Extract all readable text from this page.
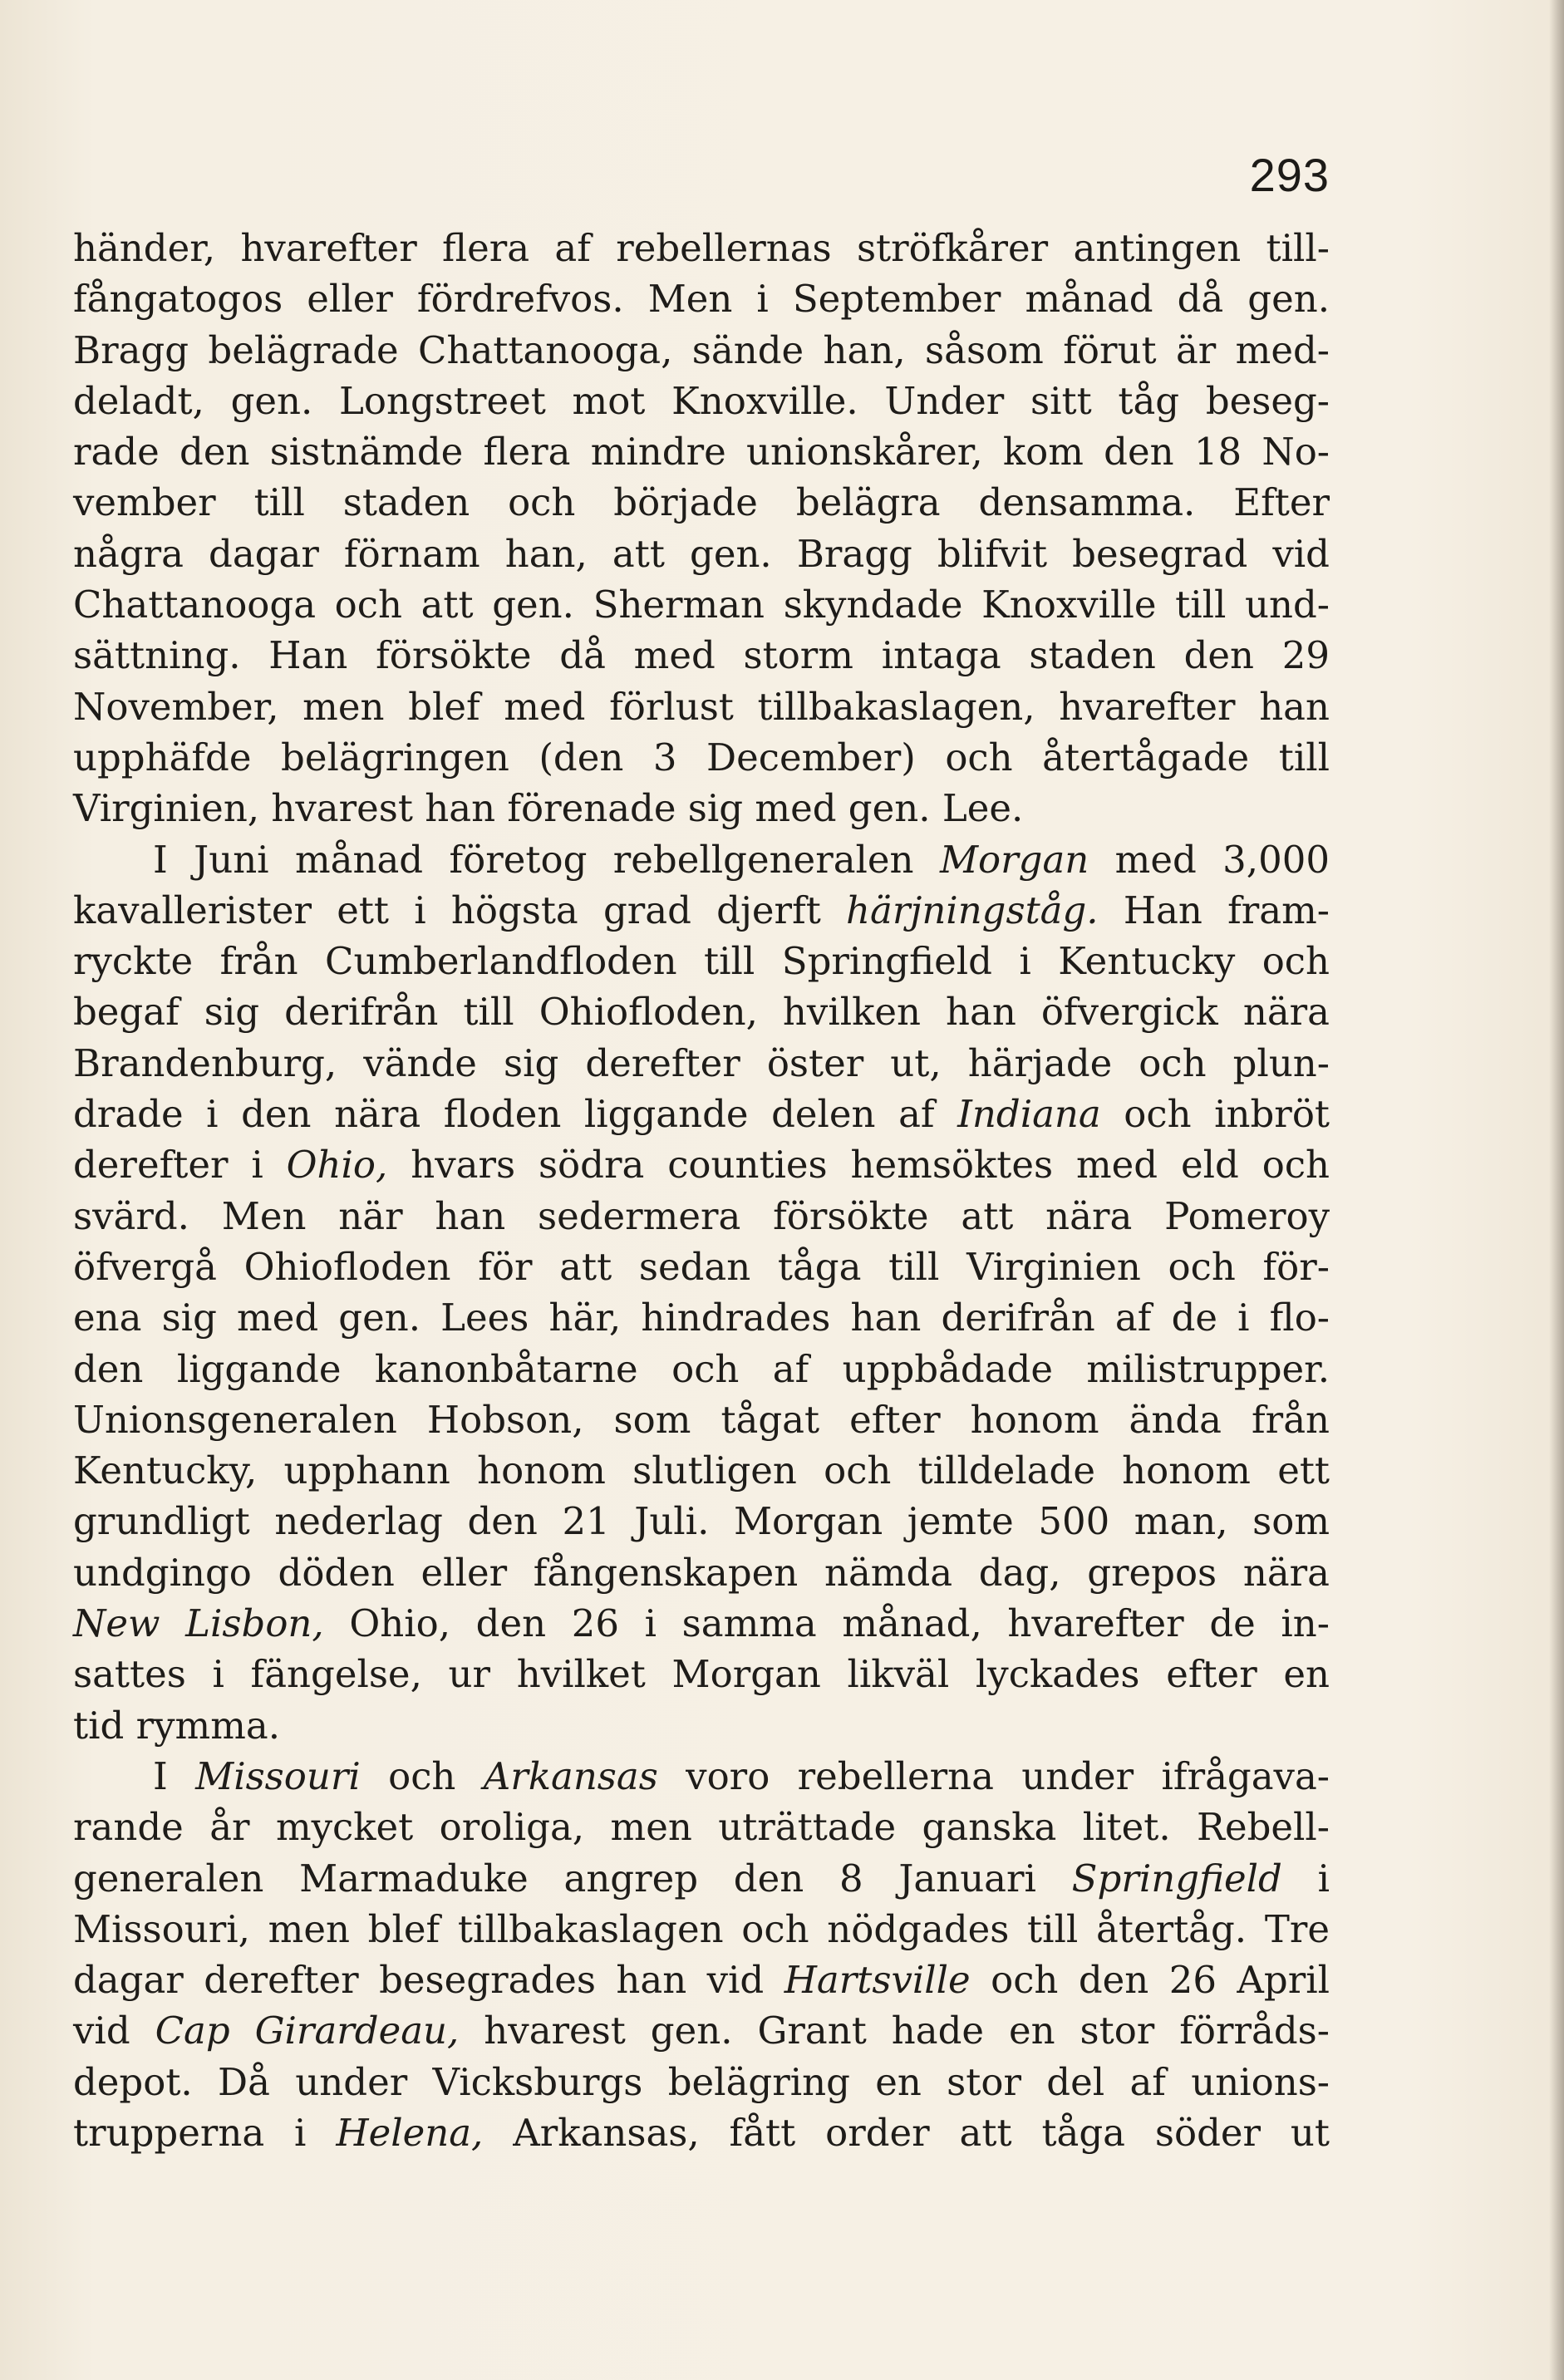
293
händer, hvarefter flera af rebellernas ströfkårer antingen till-
fångatogos eller fördrefvos. Men i September månad då gen.
Bragg belägrade Chattanooga, sände han, såsom förut är med-
deladt, gen. Longstreet mot Knoxville. Under sitt tåg beseg-
rade den sistnämde flera mindre unionskårer, kom den 18 No-
vember till staden och började belägra densamma. Efter
några dagar förnam han, att gen. Bragg blifvit besegrad vid
Chattanooga och att gen. Sherman skyndade Knoxville till und-
sättning. Han försökte då med storm intaga staden den 29
November, men blef med förlust tillbakaslagen, hvarefter han
upphäfde belägringen (den 3 December) och återtågade till
Virginien, hvarest han förenade sig med gen. Lee.
I Juni månad företog rebellgeneralen Morgan med 3,000
kavallerister ett i högsta grad djerft härjningståg. Han fram-
ryckte från Cumberlandfloden till Springfield i Kentucky och
begaf sig derifrån till Ohiofloden, hvilken han öfvergick nära
Brandenburg, vände sig derefter öster ut, härjade och plun-
drade i den nära floden liggande delen af Indiana och inbröt
derefter i Ohio, hvars södra counties hemsöktes med eld och
svärd. Men när han sedermera försökte att nära Pomeroy
öfvergå Ohiofloden för att sedan tåga till Virginien och för-
ena sig med gen. Lees här, hindrades han derifrån af de i flo-
den liggande kanonbåtarne och af uppbådade milistrupper.
Unionsgeneralen Hobson, som tågat efter honom ända från
Kentucky, upphann honom slutligen och tilldelade honom ett
grundligt nederlag den 21 Juli. Morgan jemte 500 man, som
undgingo döden eller fångenskapen nämda dag, grepos nära
New Lisbon, Ohio, den 26 i samma månad, hvarefter de in-
sattes i fängelse, ur hvilket Morgan likväl lyckades efter en
tid rymma.
I Missouri och Arkansas voro rebellerna under ifrågava-
rande år mycket oroliga, men uträttade ganska litet. Rebell-
generalen Marmaduke angrep den 8 Januari Springfield i
Missouri, men blef tillbakaslagen och nödgades till återtåg. Tre
dagar derefter besegrades han vid Hartsville och den 26 April
vid Cap Girardeau, hvarest gen. Grant hade en stor förråds-
depot. Då under Vicksburgs belägring en stor del af unions-
trupperna i Helena, Arkansas, fått order att tåga söder ut
